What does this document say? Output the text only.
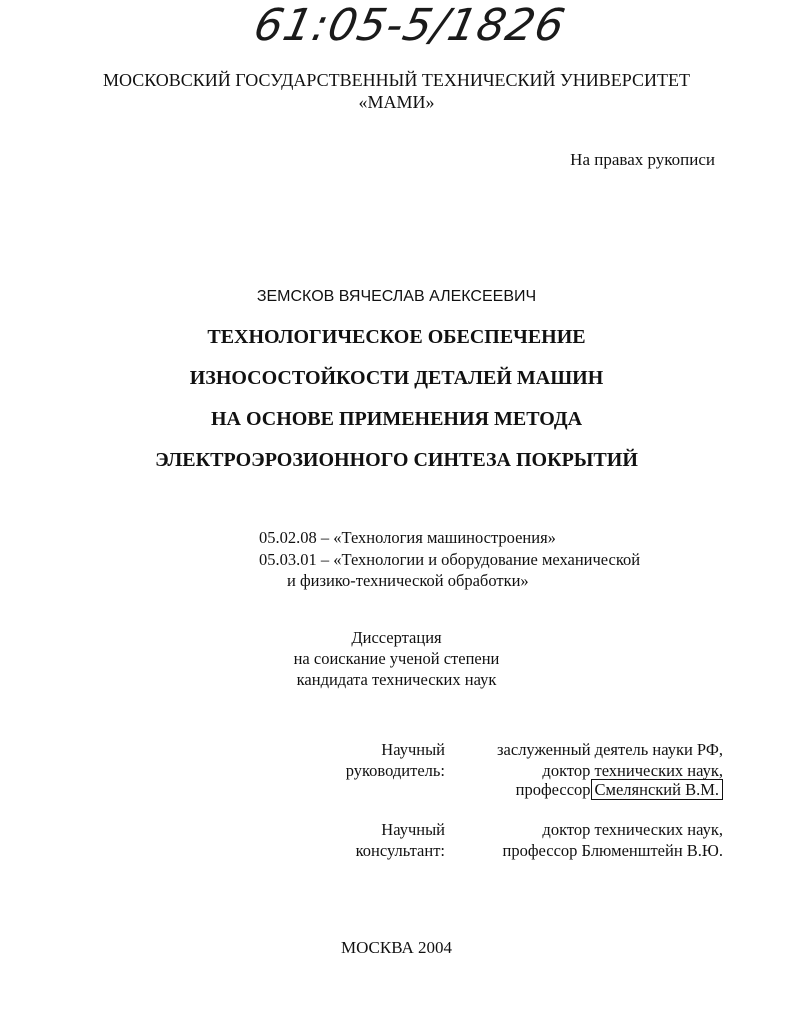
61:05-5/1826
МОСКОВСКИЙ ГОСУДАРСТВЕННЫЙ ТЕХНИЧЕСКИЙ УНИВЕРСИТЕТ
«МАМИ»
На правах рукописи
ЗЕМСКОВ ВЯЧЕСЛАВ АЛЕКСЕЕВИЧ
ТЕХНОЛОГИЧЕСКОЕ ОБЕСПЕЧЕНИЕ
ИЗНОСОСТОЙКОСТИ ДЕТАЛЕЙ МАШИН
НА ОСНОВЕ ПРИМЕНЕНИЯ МЕТОДА
ЭЛЕКТРОЭРОЗИОННОГО СИНТЕЗА ПОКРЫТИЙ
05.02.08 – «Технология машиностроения»
05.03.01 – «Технологии и оборудование механической
и физико-технической обработки»
Диссертация
на соискание ученой степени
кандидата технических наук
Научный
руководитель:
заслуженный деятель науки РФ,
доктор технических наук,
профессор Смелянский В.М.
Научный
консультант:
доктор технических наук,
профессор Блюменштейн В.Ю.
МОСКВА 2004
